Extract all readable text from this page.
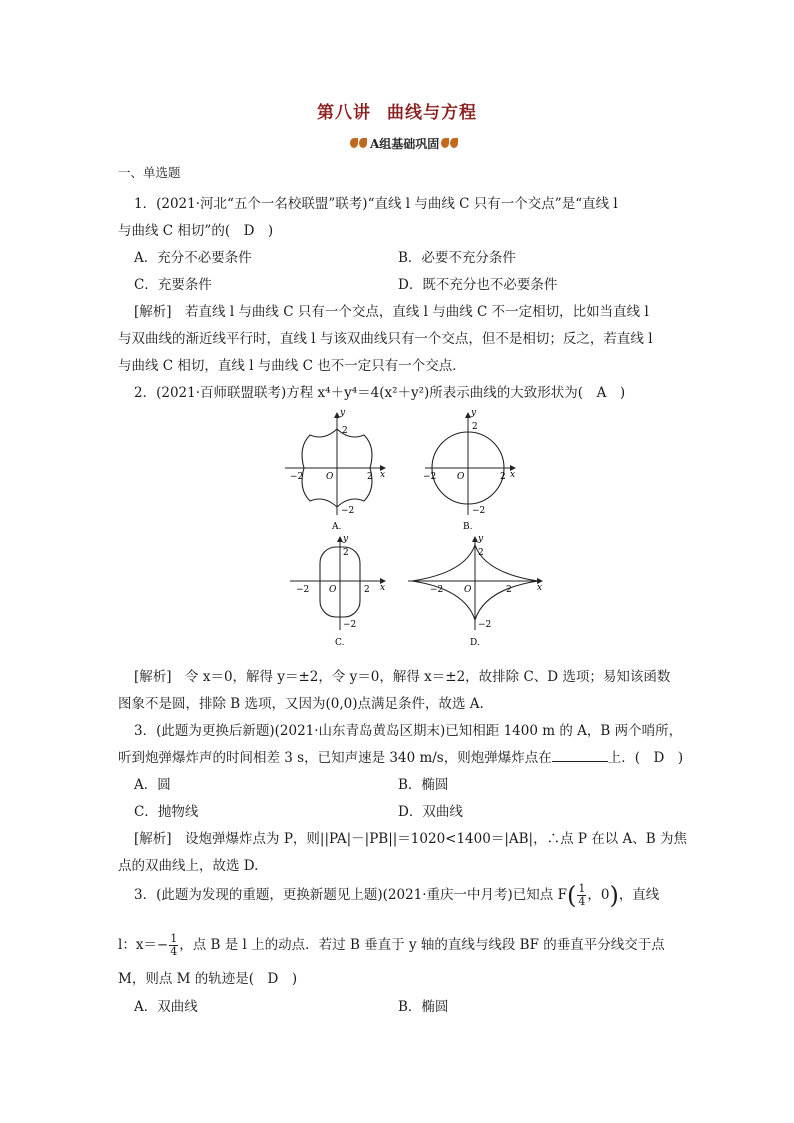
第八讲 曲线与方程
A组基础巩固
一、单选题
1．(2021·河北“五个一名校联盟”联考)“直线 l 与曲线 C 只有一个交点”是“直线 l
与曲线 C 相切”的(　D　)
A．充分不必要条件	B．必要不充分条件
C．充要条件	D．既不充分也不必要条件
[解析]　若直线 l 与曲线 C 只有一个交点，直线 l 与曲线 C 不一定相切，比如当直线 l
与双曲线的渐近线平行时，直线 l 与该双曲线只有一个交点，但不是相切；反之，若直线 l
与曲线 C 相切，直线 l 与曲线 C 也不一定只有一个交点．
2．(2021·百师联盟联考)方程 x⁴＋y⁴＝4(x²＋y²)所表示曲线的大致形状为(　A　)
2
2
−2
−2
O	x
y
A.
2
2
−2
−2
O	x
y
B.
2
2
−2
−2
O	x
y
C.
2
2
−2
−2
O	x
y
D.
[解析]　令 x＝0，解得 y＝±2，令 y＝0，解得 x＝±2，故排除 C、D 选项；易知该函数
图象不是圆，排除 B 选项，又因为(0,0)点满足条件，故选 A.
3．(此题为更换后新题)(2021·山东青岛黄岛区期末)已知相距 1400 m 的 A，B 两个哨所，
听到炮弹爆炸声的时间相差 3 s，已知声速是 340 m/s，则炮弹爆炸点在	上．(　D　)
A．圆	B．椭圆
C．抛物线	D．双曲线
[解析]　设炮弹爆炸点为 P，则||PA|－|PB||＝1020<1400＝|AB|，∴点 P 在以 A、B 为焦
点的双曲线上，故选 D.
3．(此题为发现的重题，更换新题见上题)(2021·重庆一中月考)已知点 $F( \frac{1}{4}$ ，0)，直线
l：$x=- \frac{1}{4}$ ，点 B 是 l 上的动点．若过 B 垂直于 y 轴的直线与线段 BF 的垂直平分线交于点
M，则点 M 的轨迹是(　D　)
A．双曲线	B．椭圆
